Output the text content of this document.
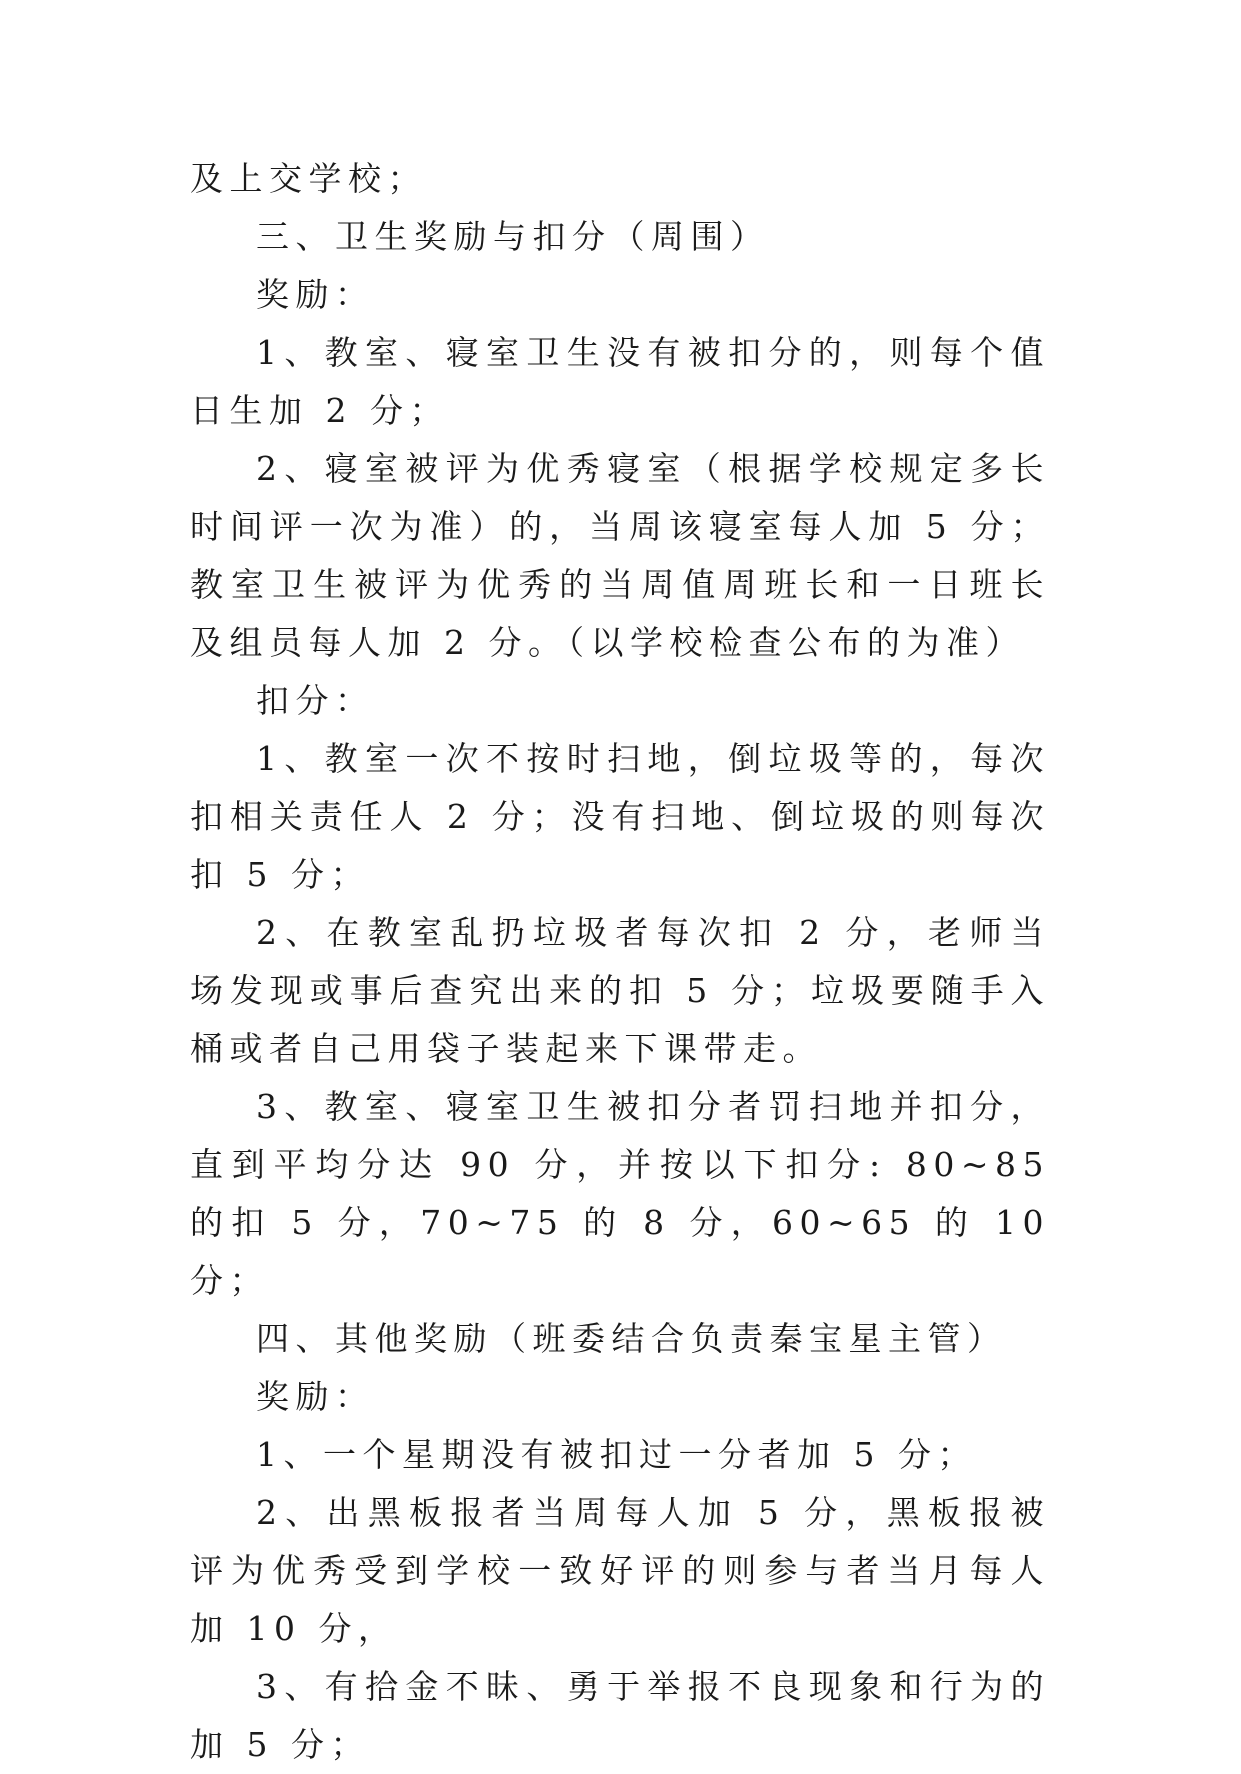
及上交学校；

三、卫生奖励与扣分（周围）

奖励：

1、教室、寝室卫生没有被扣分的，则每个值日生加 2 分；

2、寝室被评为优秀寝室（根据学校规定多长时间评一次为准）的，当周该寝室每人加 5 分；教室卫生被评为优秀的当周值周班长和一日班长及组员每人加 2 分。（以学校检查公布的为准）

扣分：

1、教室一次不按时扫地，倒垃圾等的，每次扣相关责任人 2 分；没有扫地、倒垃圾的则每次扣 5 分；

2、在教室乱扔垃圾者每次扣 2 分，老师当场发现或事后查究出来的扣 5 分；垃圾要随手入桶或者自己用袋子装起来下课带走。

3、教室、寝室卫生被扣分者罚扫地并扣分，直到平均分达 90 分，并按以下扣分: 80~85 的扣 5 分，70~75 的 8 分，60~65 的 10 分；

四、其他奖励（班委结合负责秦宝星主管）

奖励：

1、一个星期没有被扣过一分者加 5 分；

2、出黑板报者当周每人加 5 分，黑板报被评为优秀受到学校一致好评的则参与者当月每人加 10 分，

3、有拾金不昧、勇于举报不良现象和行为的加 5 分；
